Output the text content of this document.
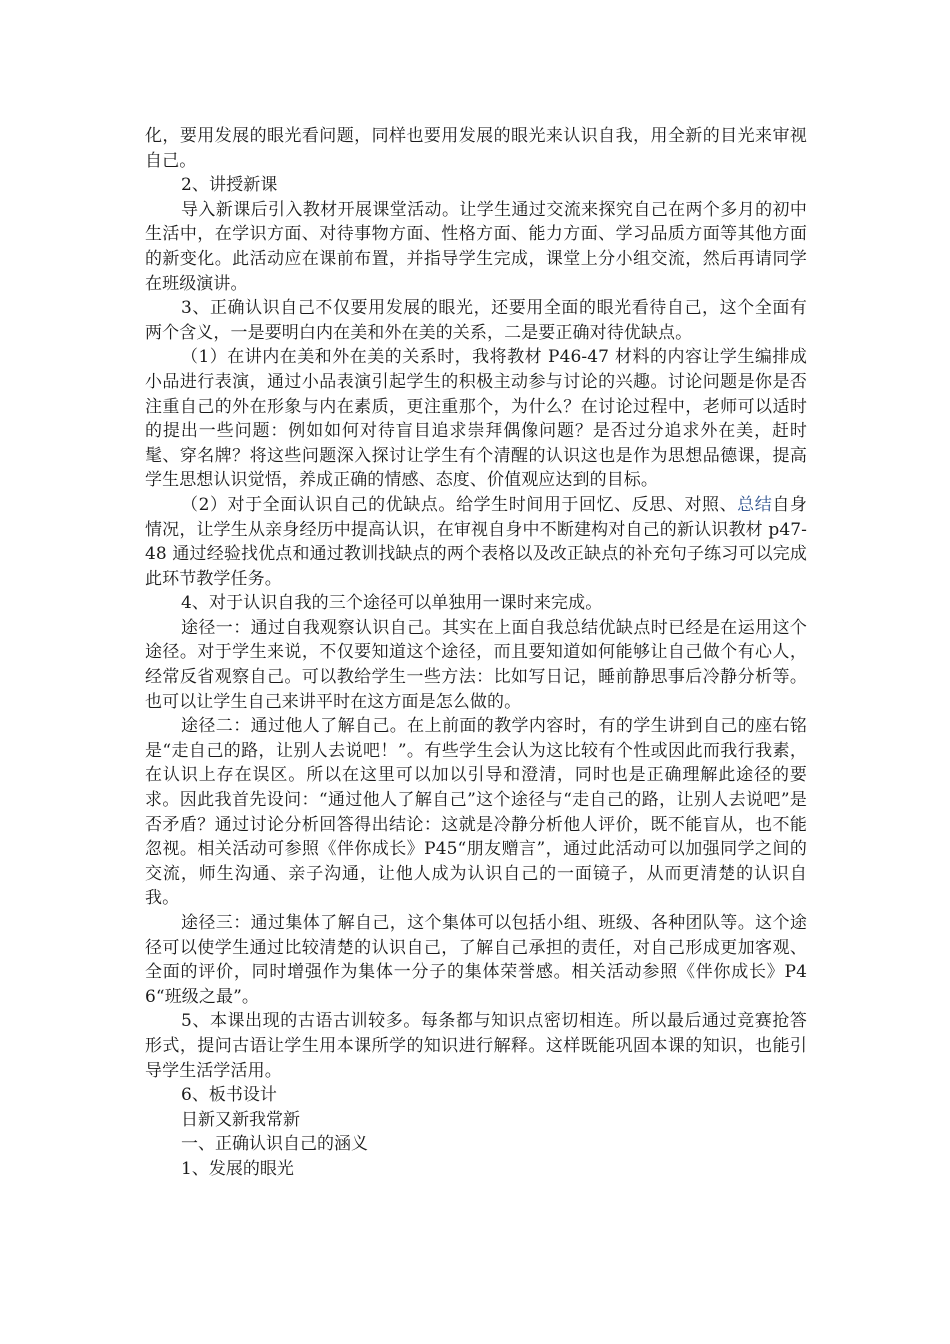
化，要用发展的眼光看问题，同样也要用发展的眼光来认识自我，用全新的目光来审视自己。

2、讲授新课

导入新课后引入教材开展课堂活动。让学生通过交流来探究自己在两个多月的初中生活中，在学识方面、对待事物方面、性格方面、能力方面、学习品质方面等其他方面的新变化。此活动应在课前布置，并指导学生完成，课堂上分小组交流，然后再请同学在班级演讲。

3、正确认识自己不仅要用发展的眼光，还要用全面的眼光看待自己，这个全面有两个含义，一是要明白内在美和外在美的关系，二是要正确对待优缺点。

（1）在讲内在美和外在美的关系时，我将教材 P46-47 材料的内容让学生编排成小品进行表演，通过小品表演引起学生的积极主动参与讨论的兴趣。讨论问题是你是否注重自己的外在形象与内在素质，更注重那个，为什么？在讨论过程中，老师可以适时的提出一些问题：例如如何对待盲目追求崇拜偶像问题？是否过分追求外在美，赶时髦、穿名牌？将这些问题深入探讨让学生有个清醒的认识这也是作为思想品德课，提高学生思想认识觉悟，养成正确的情感、态度、价值观应达到的目标。

（2）对于全面认识自己的优缺点。给学生时间用于回忆、反思、对照、总结自身情况，让学生从亲身经历中提高认识，在审视自身中不断建构对自己的新认识教材 p47-48 通过经验找优点和通过教训找缺点的两个表格以及改正缺点的补充句子练习可以完成此环节教学任务。

4、对于认识自我的三个途径可以单独用一课时来完成。

途径一：通过自我观察认识自己。其实在上面自我总结优缺点时已经是在运用这个途径。对于学生来说，不仅要知道这个途径，而且要知道如何能够让自己做个有心人，经常反省观察自己。可以教给学生一些方法：比如写日记，睡前静思事后冷静分析等。也可以让学生自己来讲平时在这方面是怎么做的。

途径二：通过他人了解自己。在上前面的教学内容时，有的学生讲到自己的座右铭是“走自己的路，让别人去说吧！”。有些学生会认为这比较有个性或因此而我行我素，在认识上存在误区。所以在这里可以加以引导和澄清，同时也是正确理解此途径的要求。因此我首先设问：“通过他人了解自己”这个途径与“走自己的路，让别人去说吧”是否矛盾？通过讨论分析回答得出结论：这就是冷静分析他人评价，既不能盲从，也不能忽视。相关活动可参照《伴你成长》P45“朋友赠言”，通过此活动可以加强同学之间的交流，师生沟通、亲子沟通，让他人成为认识自己的一面镜子，从而更清楚的认识自我。

途径三：通过集体了解自己，这个集体可以包括小组、班级、各种团队等。这个途径可以使学生通过比较清楚的认识自己，了解自己承担的责任，对自己形成更加客观、全面的评价，同时增强作为集体一分子的集体荣誉感。相关活动参照《伴你成长》P46“班级之最”。

5、本课出现的古语古训较多。每条都与知识点密切相连。所以最后通过竞赛抢答形式，提问古语让学生用本课所学的知识进行解释。这样既能巩固本课的知识，也能引导学生活学活用。

6、板书设计

日新又新我常新

一、正确认识自己的涵义

1、发展的眼光
